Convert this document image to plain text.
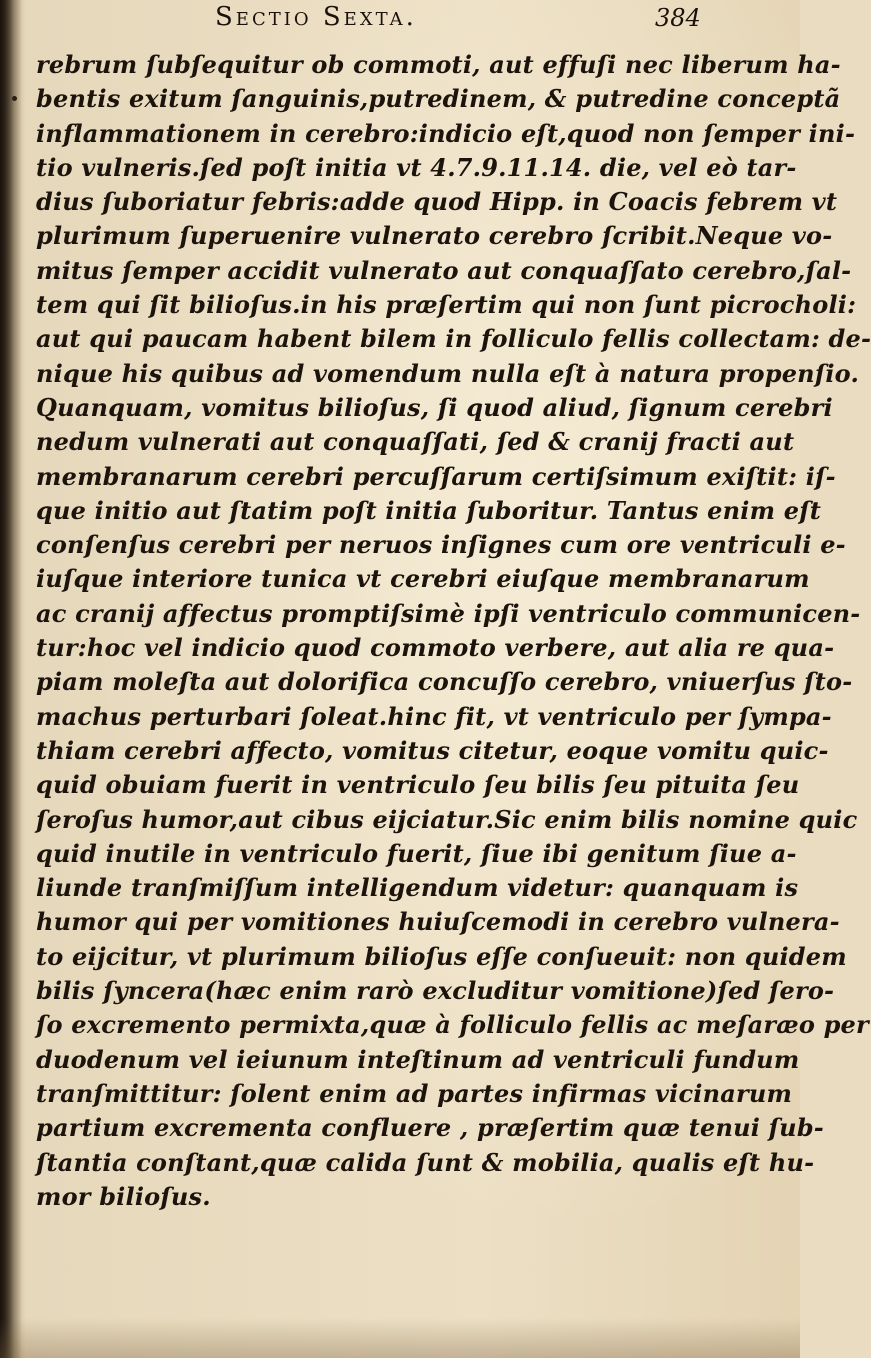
Sectio Sexta.	384
rebrum ſubſequitur ob commoti, aut effuſi nec liberum ha-
bentis exitum ſanguinis,putredinem, & putredine conceptã
inflammationem in cerebro:indicio eſt,quod non ſemper ini-
tio vulneris.ſed poſt initia vt 4.7.9.11.14. die, vel eò tar-
dius ſuboriatur febris:adde quod Hipp. in Coacis febrem vt
plurimum ſuperuenire vulnerato cerebro ſcribit.Neque vo-
mitus ſemper accidit vulnerato aut conquaſſato cerebro,ſal-
tem qui ſit bilioſus.in his præſertim qui non ſunt picrocholi:
aut qui paucam habent bilem in folliculo fellis collectam: de-
nique his quibus ad vomendum nulla eſt à natura propenſio.
Quanquam, vomitus bilioſus, ſi quod aliud, ſignum cerebri
nedum vulnerati aut conquaſſati, ſed & cranij fracti aut
membranarum cerebri percuſſarum certiſsimum exiſtit: iſ-
que initio aut ſtatim poſt initia ſuboritur. Tantus enim eſt
conſenſus cerebri per neruos inſignes cum ore ventriculi e-
iuſque interiore tunica vt cerebri eiuſque membranarum
ac cranij affectus promptiſsimè ipſi ventriculo communicen-
tur:hoc vel indicio quod commoto verbere, aut alia re qua-
piam moleſta aut dolorifica concuſſo cerebro, vniuerſus ſto-
machus perturbari ſoleat.hinc fit, vt ventriculo per ſympa-
thiam cerebri affecto, vomitus citetur, eoque vomitu quic-
quid obuiam fuerit in ventriculo ſeu bilis ſeu pituita ſeu
ſeroſus humor,aut cibus eijciatur.Sic enim bilis nomine quic
quid inutile in ventriculo fuerit, ſiue ibi genitum ſiue a-
liunde tranſmiſſum intelligendum videtur: quanquam is
humor qui per vomitiones huiuſcemodi in cerebro vulnera-
to eijcitur, vt plurimum bilioſus eſſe conſueuit: non quidem
bilis ſyncera(hæc enim rarò excluditur vomitione)ſed ſero-
ſo excremento permixta,quæ à folliculo fellis ac meſaræo per
duodenum vel ieiunum inteſtinum ad ventriculi fundum
tranſmittitur: ſolent enim ad partes infirmas vicinarum
partium excrementa confluere , præſertim quæ tenui ſub-
ſtantia conſtant,quæ calida ſunt & mobilia, qualis eſt hu-
mor bilioſus.
